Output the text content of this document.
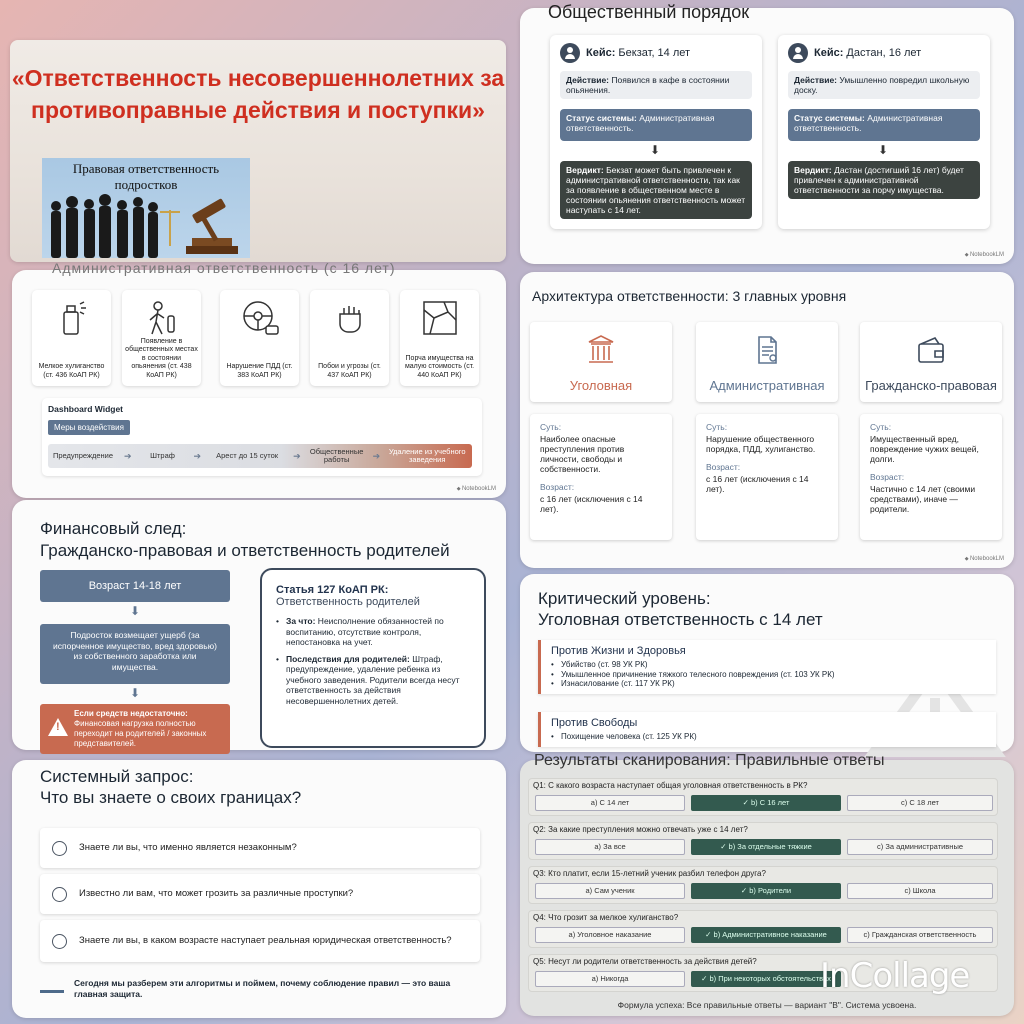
«Ответственность несовершеннолетних за противоправные действия и поступки»
Правовая ответственность подростков
Общественный порядок
Кейс: Бекзат, 14 лет
Действие: Появился в кафе в состоянии опьянения.
Статус системы: Административная ответственность.
⬇
Вердикт: Бекзат может быть привлечен к административной ответственности, так как за появление в общественном месте в состоянии опьянения ответственность может наступать с 14 лет.
Кейс: Дастан, 16 лет
Действие: Умышленно повредил школьную доску.
Статус системы: Административная ответственность.
⬇
Вердикт: Дастан (достигший 16 лет) будет привлечен к административной ответственности за порчу имущества.
◆ NotebookLM
Административная ответственность (с 16 лет)
Мелкое хулиганство (ст. 436 КоАП РК)
Появление в общественных местах в состоянии опьянения (ст. 438 КоАП РК)
Нарушение ПДД (ст. 383 КоАП РК)
Побои и угрозы (ст. 437 КоАП РК)
Порча имущества на малую стоимость (ст. 440 КоАП РК)
Dashboard Widget
Меры воздействия
Предупреждение	➔	Штраф	➔	Арест до 15 суток	➔	Общественные работы	➔	Удаление из учебного заведения
◆ NotebookLM
Архитектура ответственности: 3 главных уровня
Уголовная
Суть:
Наиболее опасные преступления против личности, свободы и собственности.
Возраст:
с 16 лет (исключения с 14 лет).
Административная
Суть:
Нарушение общественного порядка, ПДД, хулиганство.
Возраст:
с 16 лет (исключения с 14 лет).
Гражданско-правовая
Суть:
Имущественный вред, повреждение чужих вещей, долги.
Возраст:
Частично с 14 лет (своими средствами), иначе — родители.
◆ NotebookLM
Финансовый след:
Гражданско-правовая и ответственность родителей
Возраст 14-18 лет
⬇
Подросток возмещает ущерб (за испорченное имущество, вред здоровью) из собственного заработка или имущества.
⬇
!
Если средств недостаточно:
Финансовая нагрузка полностью переходит на родителей / законных представителей.
Статья 127 КоАП РК:
Ответственность родителей
• За что: Неисполнение обязанностей по воспитанию, отсутствие контроля, непостановка на учет.
• Последствия для родителей: Штраф, предупреждение, удаление ребенка из учебного заведения. Родители всегда несут ответственность за действия несовершеннолетних детей.
Критический уровень:
Уголовная ответственность с 14 лет
Против Жизни и Здоровья
• Убийство (ст. 98 УК РК)
• Умышленное причинение тяжкого телесного повреждения (ст. 103 УК РК)
• Изнасилование (ст. 117 УК РК)
Против Свободы
• Похищение человека (ст. 125 УК РК)
Системный запрос:
Что вы знаете о своих границах?
Знаете ли вы, что именно является незаконным?
Известно ли вам, что может грозить за различные проступки?
Знаете ли вы, в каком возрасте наступает реальная юридическая ответственность?
Сегодня мы разберем эти алгоритмы и поймем, почему соблюдение правил — это ваша главная защита.
Результаты сканирования: Правильные ответы
Q1: С какого возраста наступает общая уголовная ответственность в РК?
a) С 14 лет	✓ b) С 16 лет	c) С 18 лет
Q2: За какие преступления можно отвечать уже с 14 лет?
a) За все	✓ b) За отдельные тяжкие	c) За административные
Q3: Кто платит, если 15-летний ученик разбил телефон друга?
a) Сам ученик	✓ b) Родители	c) Школа
Q4: Что грозит за мелкое хулиганство?
a) Уголовное наказание	✓ b) Административное наказание	c) Гражданская ответственность
Q5: Несут ли родители ответственность за действия детей?
a) Никогда	✓ b) При некоторых обстоятельствах
Формула успеха: Все правильные ответы — вариант "B". Система усвоена.
InCollage
